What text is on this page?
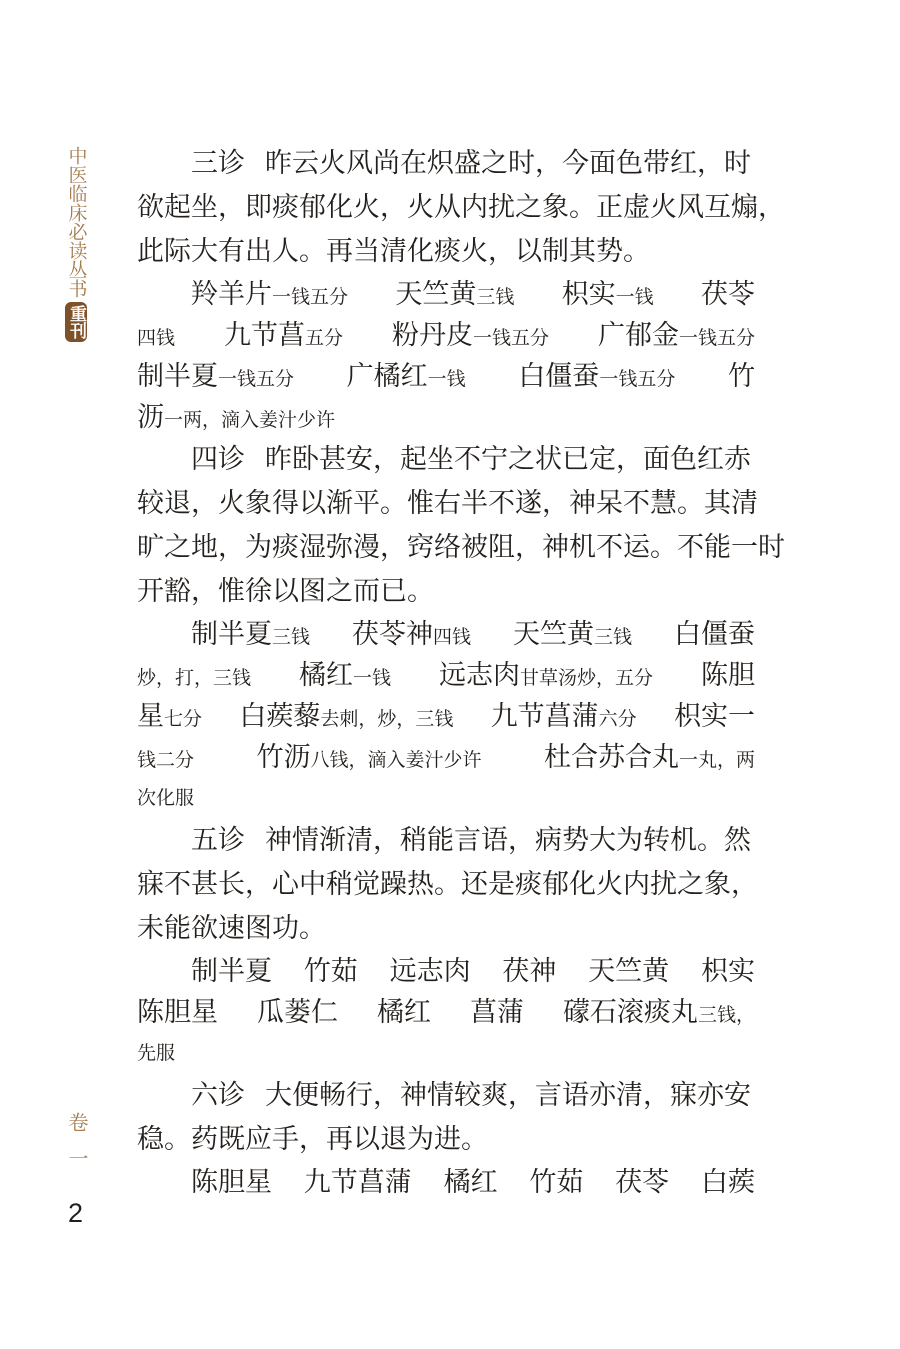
中医临床必读丛书
重刊
卷一
2
三诊 昨云火风尚在炽盛之时，今面色带红，时
欲起坐，即痰郁化火，火从内扰之象。正虚火风互煽，
此际大有出人。再当清化痰火，以制其势。
羚羊片一钱五分 天竺黄三钱 枳实一钱 茯苓
四钱 九节菖五分 粉丹皮一钱五分 广郁金一钱五分
制半夏一钱五分 广橘红一钱 白僵蚕一钱五分 竹
沥一两，滴入姜汁少许
四诊 昨卧甚安，起坐不宁之状已定，面色红赤
较退，火象得以渐平。惟右半不遂，神呆不慧。其清
旷之地，为痰湿弥漫，窍络被阻，神机不运。不能一时
开豁，惟徐以图之而已。
制半夏三钱 茯苓神四钱 天竺黄三钱 白僵蚕
炒，打，三钱 橘红一钱 远志肉甘草汤炒，五分 陈胆
星七分 白蒺藜去刺，炒，三钱 九节菖蒲六分 枳实一
钱二分 竹沥八钱，滴入姜汁少许 杜合苏合丸一丸，两
次化服
五诊 神情渐清，稍能言语，病势大为转机。然
寐不甚长，心中稍觉躁热。还是痰郁化火内扰之象，
未能欲速图功。
制半夏 竹茹 远志肉 茯神 天竺黄 枳实
陈胆星 瓜蒌仁 橘红 菖蒲 礞石滚痰丸三钱，
先服
六诊 大便畅行，神情较爽，言语亦清，寐亦安
稳。药既应手，再以退为进。
陈胆星 九节菖蒲 橘红 竹茹 茯苓 白蒺
